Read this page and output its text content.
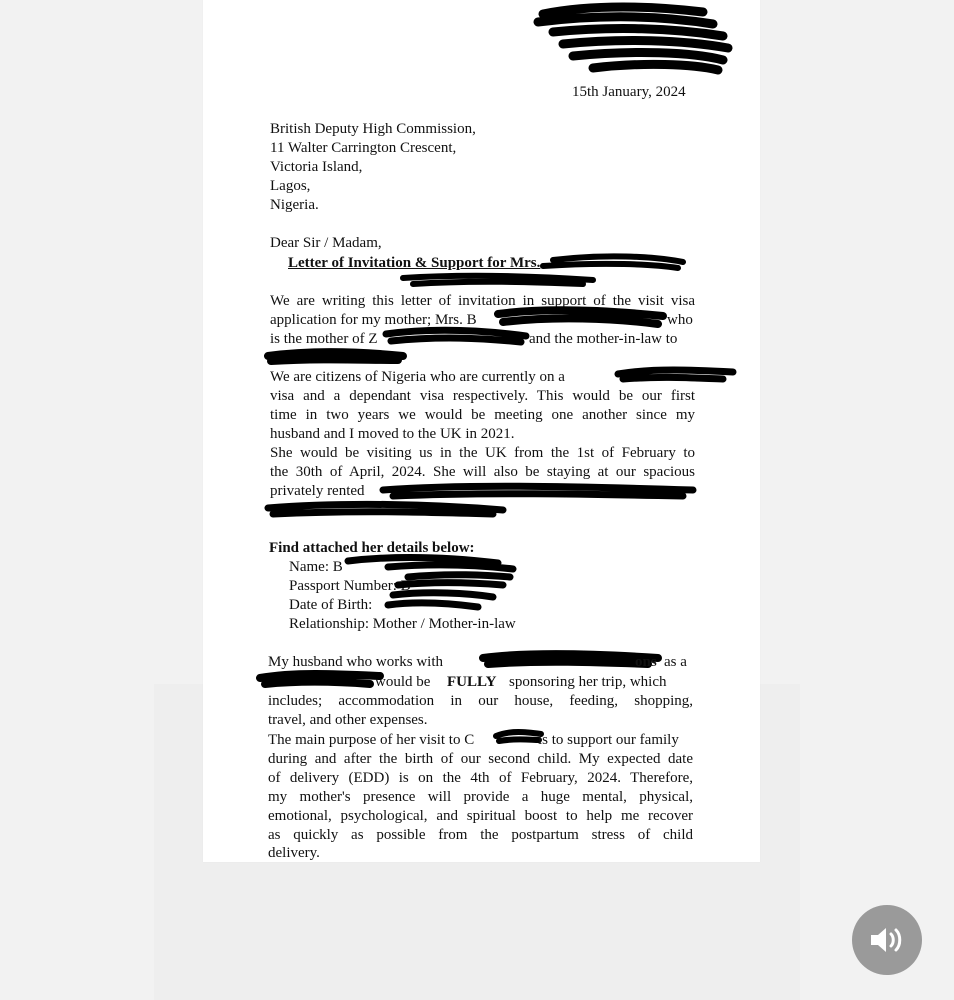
15th January, 2024
British Deputy High Commission,
11 Walter Carrington Crescent,
Victoria Island,
Lagos,
Nigeria.
Dear Sir / Madam,
Letter of Invitation & Support for Mrs.
We are writing this letter of invitation in support of the visit visa
application for my mother; Mrs. B	who
is the mother of Z	and the mother-in-law to
We are citizens of Nigeria who are currently on a
visa and a dependant visa respectively. This would be our first
time in two years we would be meeting one another since my
husband and I moved to the UK in 2021.
She would be visiting us in the UK from the 1st of February to
the 30th of April, 2024. She will also be staying at our spacious
privately rented
Find attached her details below:
Name: B
Passport Number: B
Date of Birth:
Relationship: Mother / Mother-in-law
My husband who works with	ons as a
would be FULLY sponsoring her trip, which
includes; accommodation in our house, feeding, shopping,
travel, and other expenses.
The main purpose of her visit to C	is to support our family
during and after the birth of our second child. My expected date
of delivery (EDD) is on the 4th of February, 2024. Therefore,
my mother's presence will provide a huge mental, physical,
emotional, psychological, and spiritual boost to help me recover
as quickly as possible from the postpartum stress of child
delivery.
